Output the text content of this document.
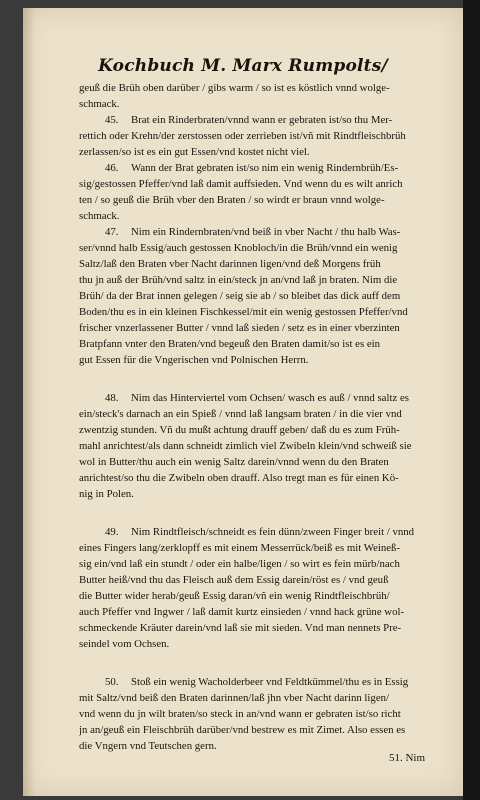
Kochbuch M. Marx Rumpolts/

geuß die Brüh oben darüber / gibs warm / so ist es köstlich vnnd wolge-
schmack.

45. Brat ein Rinderbraten/vnnd wann er gebraten ist/so thu Mer-
rettich oder Krehn/der zerstossen oder zerrieben ist/vñ mit Rindtfleischbrüh
zerlassen/so ist es ein gut Essen/vnd kostet nicht viel.

46. Wann der Brat gebraten ist/so nim ein wenig Rindernbrüh/Es-
sig/gestossen Pfeffer/vnd laß damit auffsieden. Vnd wenn du es wilt anrich
ten / so geuß die Brüh vber den Braten / so wirdt er braun vnnd wolge-
schmack.

47. Nim ein Rindernbraten/vnd beiß in vber Nacht / thu halb Was-
ser/vnnd halb Essig/auch gestossen Knobloch/in die Brüh/vnnd ein wenig
Saltz/laß den Braten vber Nacht darinnen ligen/vnd deß Morgens früh
thu jn auß der Brüh/vnd saltz in ein/steck jn an/vnd laß jn braten. Nim die
Brüh/ da der Brat innen gelegen / seig sie ab / so bleibet das dick auff dem
Boden/thu es in ein kleinen Fischkessel/mit ein wenig gestossen Pfeffer/vnd
frischer vnzerlassener Butter / vnnd laß sieden / setz es in einer vberzinten
Bratpfann vnter den Braten/vnd begeuß den Braten damit/so ist es ein
gut Essen für die Vngerischen vnd Polnischen Herrn.

48. Nim das Hinterviertel vom Ochsen/ wasch es auß / vnnd saltz es
ein/steck's darnach an ein Spieß / vnnd laß langsam braten / in die vier vnd
zwentzig stunden. Vñ du mußt achtung drauff geben/ daß du es zum Früh-
mahl anrichtest/als dann schneidt zimlich viel Zwibeln klein/vnd schweiß sie
wol in Butter/thu auch ein wenig Saltz darein/vnnd wenn du den Braten
anrichtest/so thu die Zwibeln oben drauff. Also tregt man es für einen Kö-
nig in Polen.

49. Nim Rindtfleisch/schneidt es fein dünn/zween Finger breit / vnnd
eines Fingers lang/zerklopff es mit einem Messerrück/beiß es mit Weineß-
sig ein/vnd laß ein stundt / oder ein halbe/ligen / so wirt es fein mürb/nach
Butter heiß/vnd thu das Fleisch auß dem Essig darein/röst es / vnd geuß
die Butter wider herab/geuß Essig daran/vñ ein wenig Rindtfleischbrüh/
auch Pfeffer vnd Ingwer / laß damit kurtz einsieden / vnnd hack grüne wol-
schmeckende Kräuter darein/vnd laß sie mit sieden. Vnd man nennets Pre-
seindel vom Ochsen.

50. Stoß ein wenig Wacholderbeer vnd Feldtkümmel/thu es in Essig
mit Saltz/vnd beiß den Braten darinnen/laß jhn vber Nacht darinn ligen/
vnd wenn du jn wilt braten/so steck in an/vnd wann er gebraten ist/so richt
jn an/geuß ein Fleischbrüh darüber/vnd bestrew es mit Zimet. Also essen es
die Vngern vnd Teutschen gern.

51. Nim
